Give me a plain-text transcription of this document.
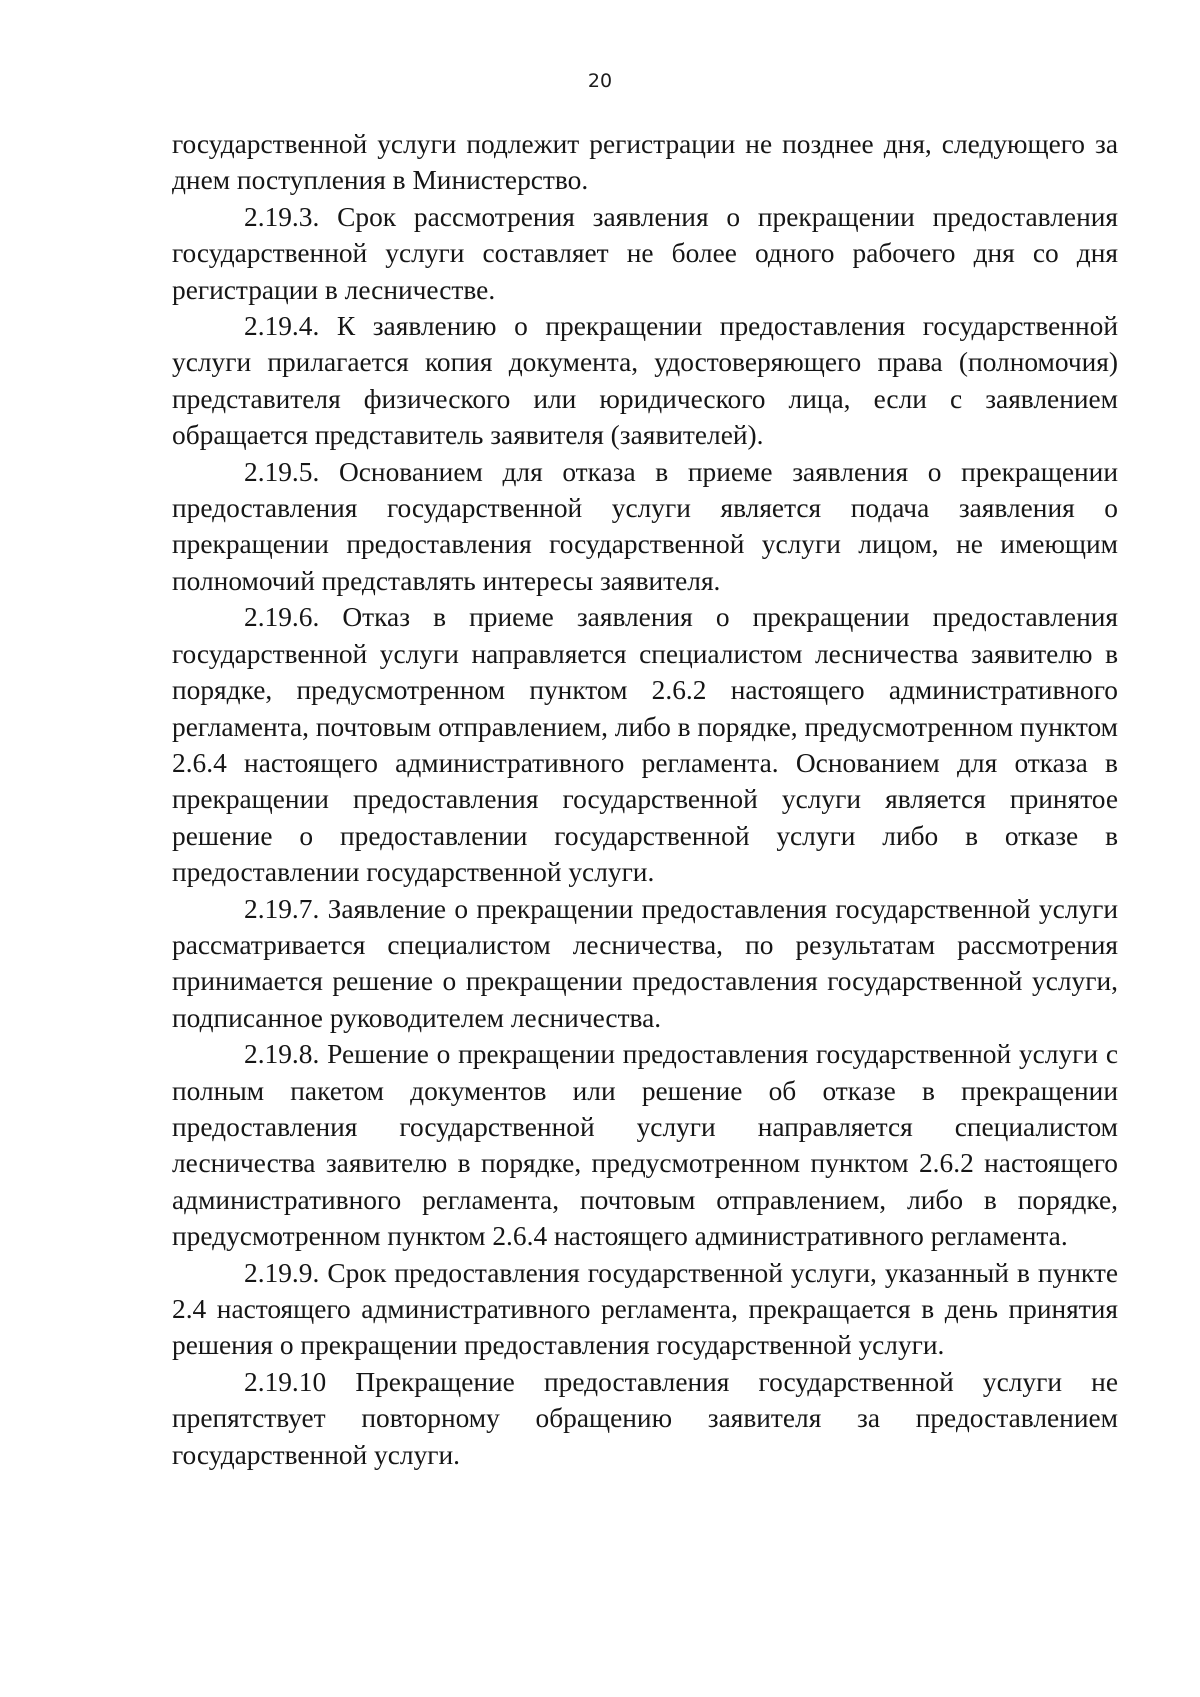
20

государственной услуги подлежит регистрации не позднее дня, следующего за днем поступления в Министерство.

2.19.3. Срок рассмотрения заявления о прекращении предоставления государственной услуги составляет не более одного рабочего дня со дня регистрации в лесничестве.

2.19.4. К заявлению о прекращении предоставления государственной услуги прилагается копия документа, удостоверяющего права (полномочия) представителя физического или юридического лица, если с заявлением обращается представитель заявителя (заявителей).

2.19.5. Основанием для отказа в приеме заявления о прекращении предоставления государственной услуги является подача заявления о прекращении предоставления государственной услуги лицом, не имеющим полномочий представлять интересы заявителя.

2.19.6. Отказ в приеме заявления о прекращении предоставления государственной услуги направляется специалистом лесничества заявителю в порядке, предусмотренном пунктом 2.6.2 настоящего административного регламента, почтовым отправлением, либо в порядке, предусмотренном пунктом 2.6.4 настоящего административного регламента. Основанием для отказа в прекращении предоставления государственной услуги является принятое решение о предоставлении государственной услуги либо в отказе в предоставлении государственной услуги.

2.19.7. Заявление о прекращении предоставления государственной услуги рассматривается специалистом лесничества, по результатам рассмотрения принимается решение о прекращении предоставления государственной услуги, подписанное руководителем лесничества.

2.19.8. Решение о прекращении предоставления государственной услуги с полным пакетом документов или решение об отказе в прекращении предоставления государственной услуги направляется специалистом лесничества заявителю в порядке, предусмотренном пунктом 2.6.2 настоящего административного регламента, почтовым отправлением, либо в порядке, предусмотренном пунктом 2.6.4 настоящего административного регламента.

2.19.9. Срок предоставления государственной услуги, указанный в пункте 2.4 настоящего административного регламента, прекращается в день принятия решения о прекращении предоставления государственной услуги.

2.19.10 Прекращение предоставления государственной услуги не препятствует повторному обращению заявителя за предоставлением государственной услуги.
